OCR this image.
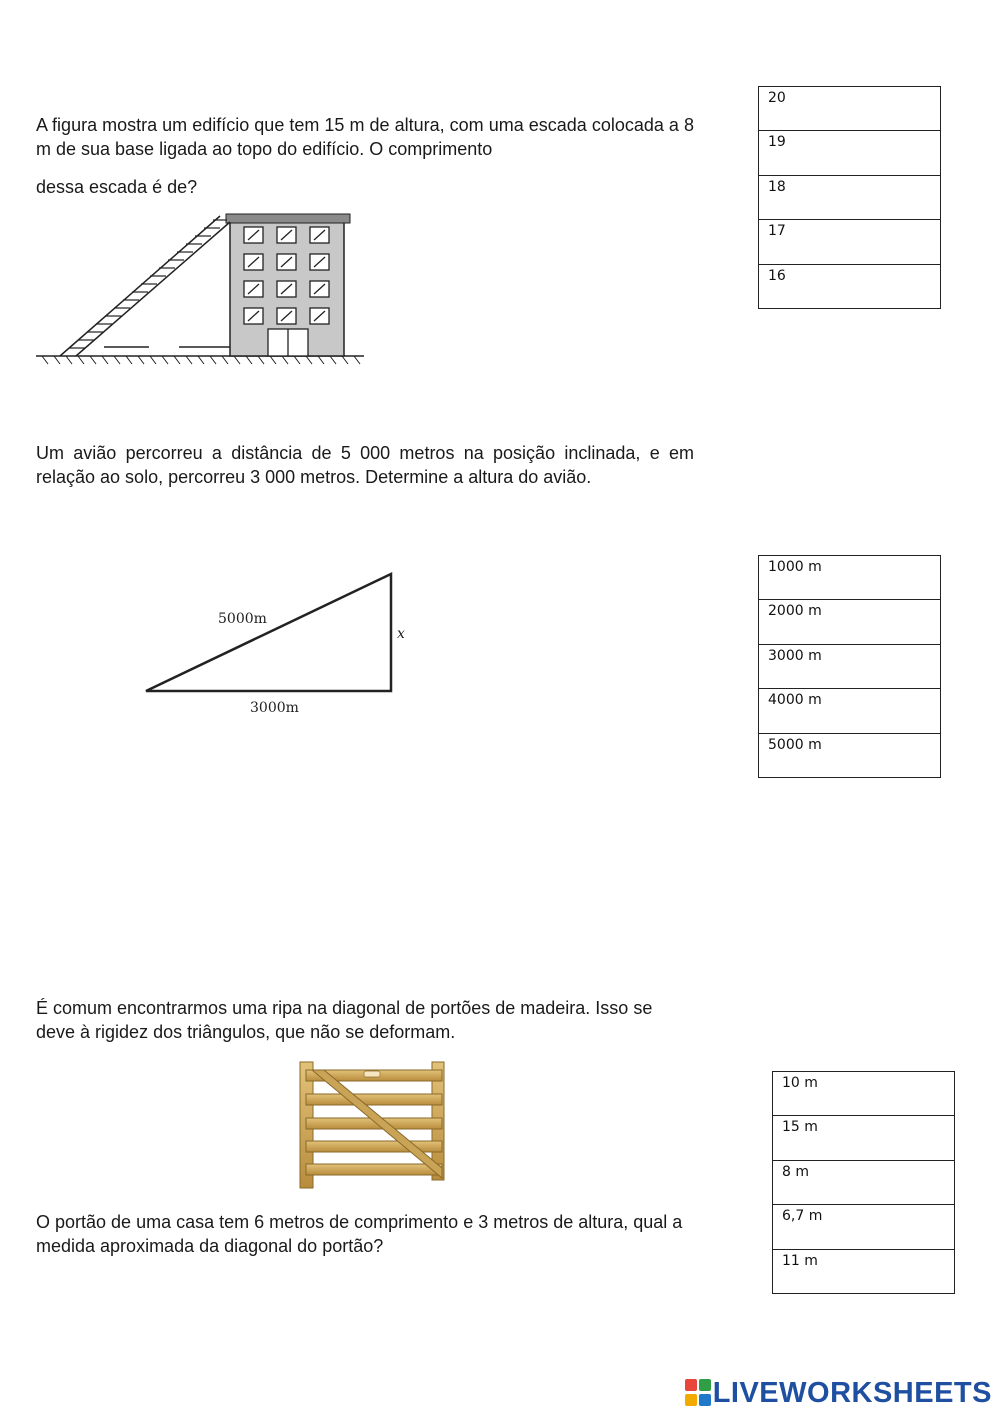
A figura mostra um edifício que tem 15 m de altura, com uma escada colocada a 8 m de sua base ligada ao topo do edifício. O comprimento

dessa escada é de?

20
19
18
17
16

Um avião percorreu a distância de 5 000 metros na posição inclinada, e em relação ao solo, percorreu 3 000 metros. Determine a altura do avião.

5000m
x
3000m
1000 m
2000 m
3000 m
4000 m
5000 m

É comum encontrarmos uma ripa na diagonal de portões de madeira. Isso se deve à rigidez dos triângulos, que não se deformam.

O portão de uma casa tem 6 metros de comprimento e 3 metros de altura, qual a medida aproximada da diagonal do portão?

10 m
15 m
8 m
6,7 m
11 m
LIVEWORKSHEETS
